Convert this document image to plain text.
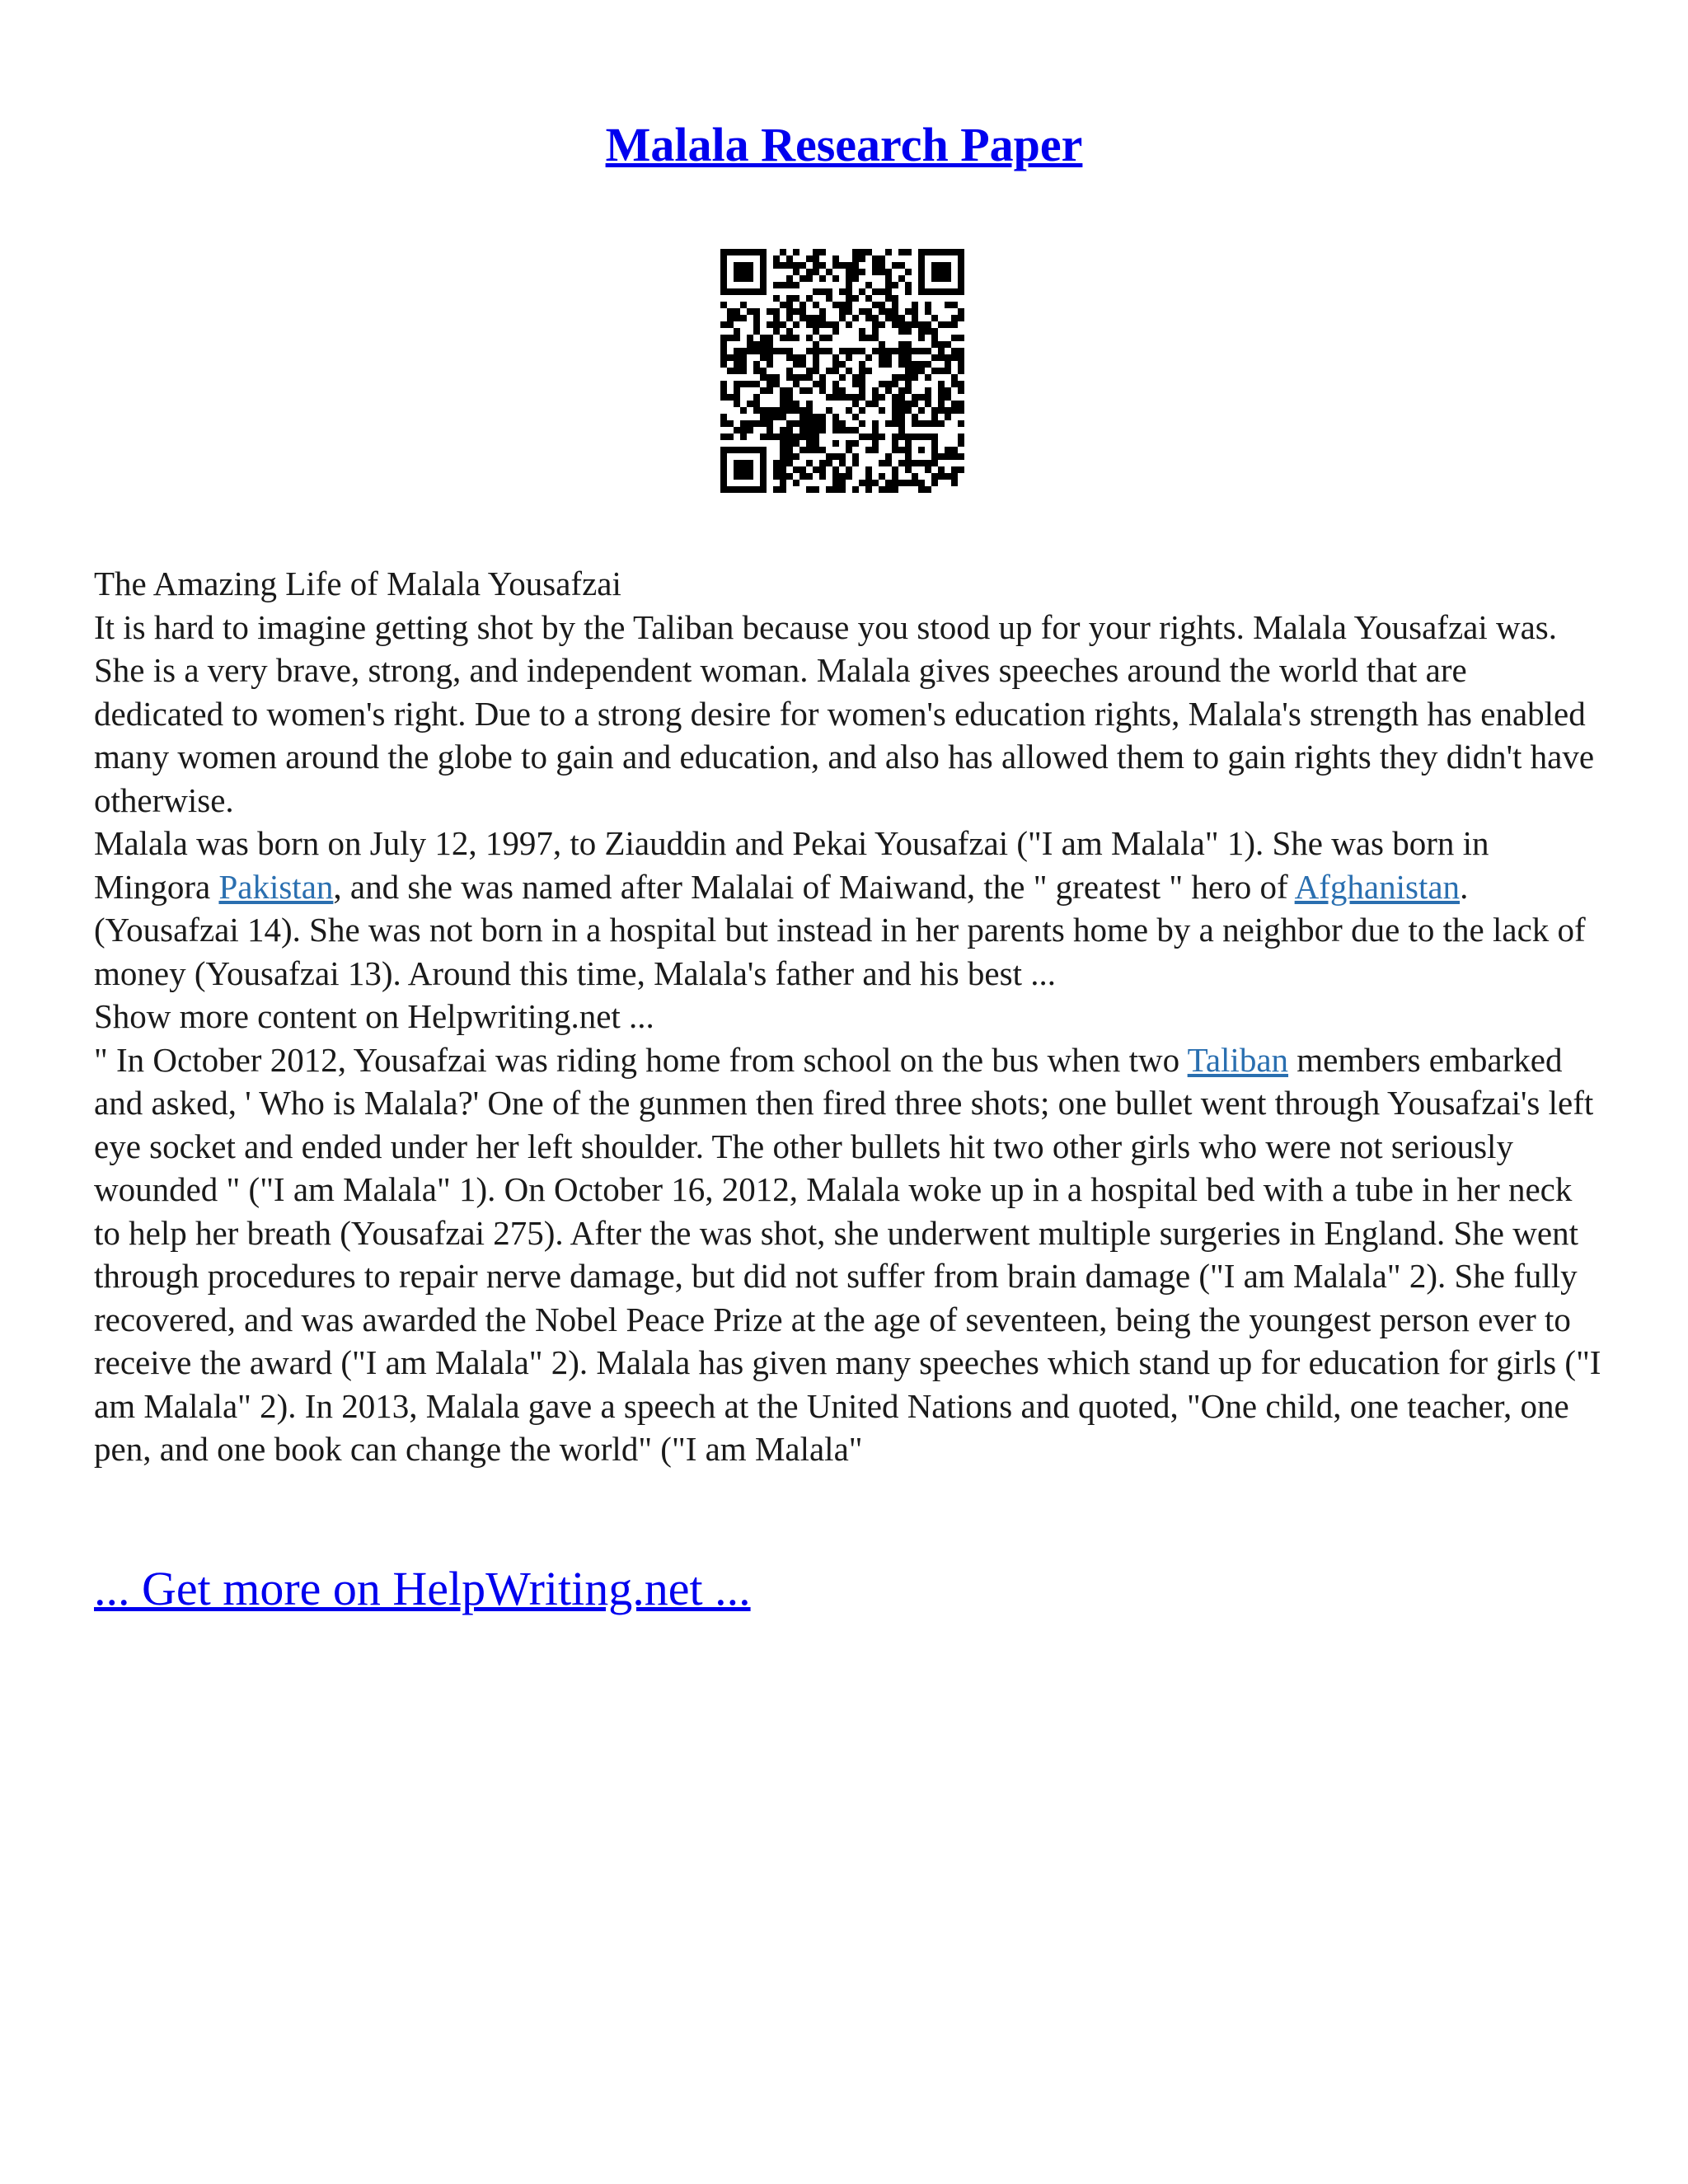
Malala Research Paper

The Amazing Life of Malala Yousafzai

It is hard to imagine getting shot by the Taliban because you stood up for your rights. Malala Yousafzai was. She is a very brave, strong, and independent woman. Malala gives speeches around the world that are dedicated to women's right. Due to a strong desire for women's education rights, Malala's strength has enabled many women around the globe to gain and education, and also has allowed them to gain rights they didn't have otherwise.

Malala was born on July 12, 1997, to Ziauddin and Pekai Yousafzai ("I am Malala" 1). She was born in Mingora Pakistan, and she was named after Malalai of Maiwand, the " greatest " hero of Afghanistan. (Yousafzai 14). She was not born in a hospital but instead in her parents home by a neighbor due to the lack of money (Yousafzai 13). Around this time, Malala's father and his best ...

Show more content on Helpwriting.net ...

" In October 2012, Yousafzai was riding home from school on the bus when two Taliban members embarked and asked, ' Who is Malala?' One of the gunmen then fired three shots; one bullet went through Yousafzai's left eye socket and ended under her left shoulder. The other bullets hit two other girls who were not seriously wounded " ("I am Malala" 1). On October 16, 2012, Malala woke up in a hospital bed with a tube in her neck to help her breath (Yousafzai 275). After the was shot, she underwent multiple surgeries in England. She went through procedures to repair nerve damage, but did not suffer from brain damage ("I am Malala" 2). She fully recovered, and was awarded the Nobel Peace Prize at the age of seventeen, being the youngest person ever to receive the award ("I am Malala" 2). Malala has given many speeches which stand up for education for girls ("I am Malala" 2). In 2013, Malala gave a speech at the United Nations and quoted, "One child, one teacher, one pen, and one book can change the world" ("I am Malala"

... Get more on HelpWriting.net ...
